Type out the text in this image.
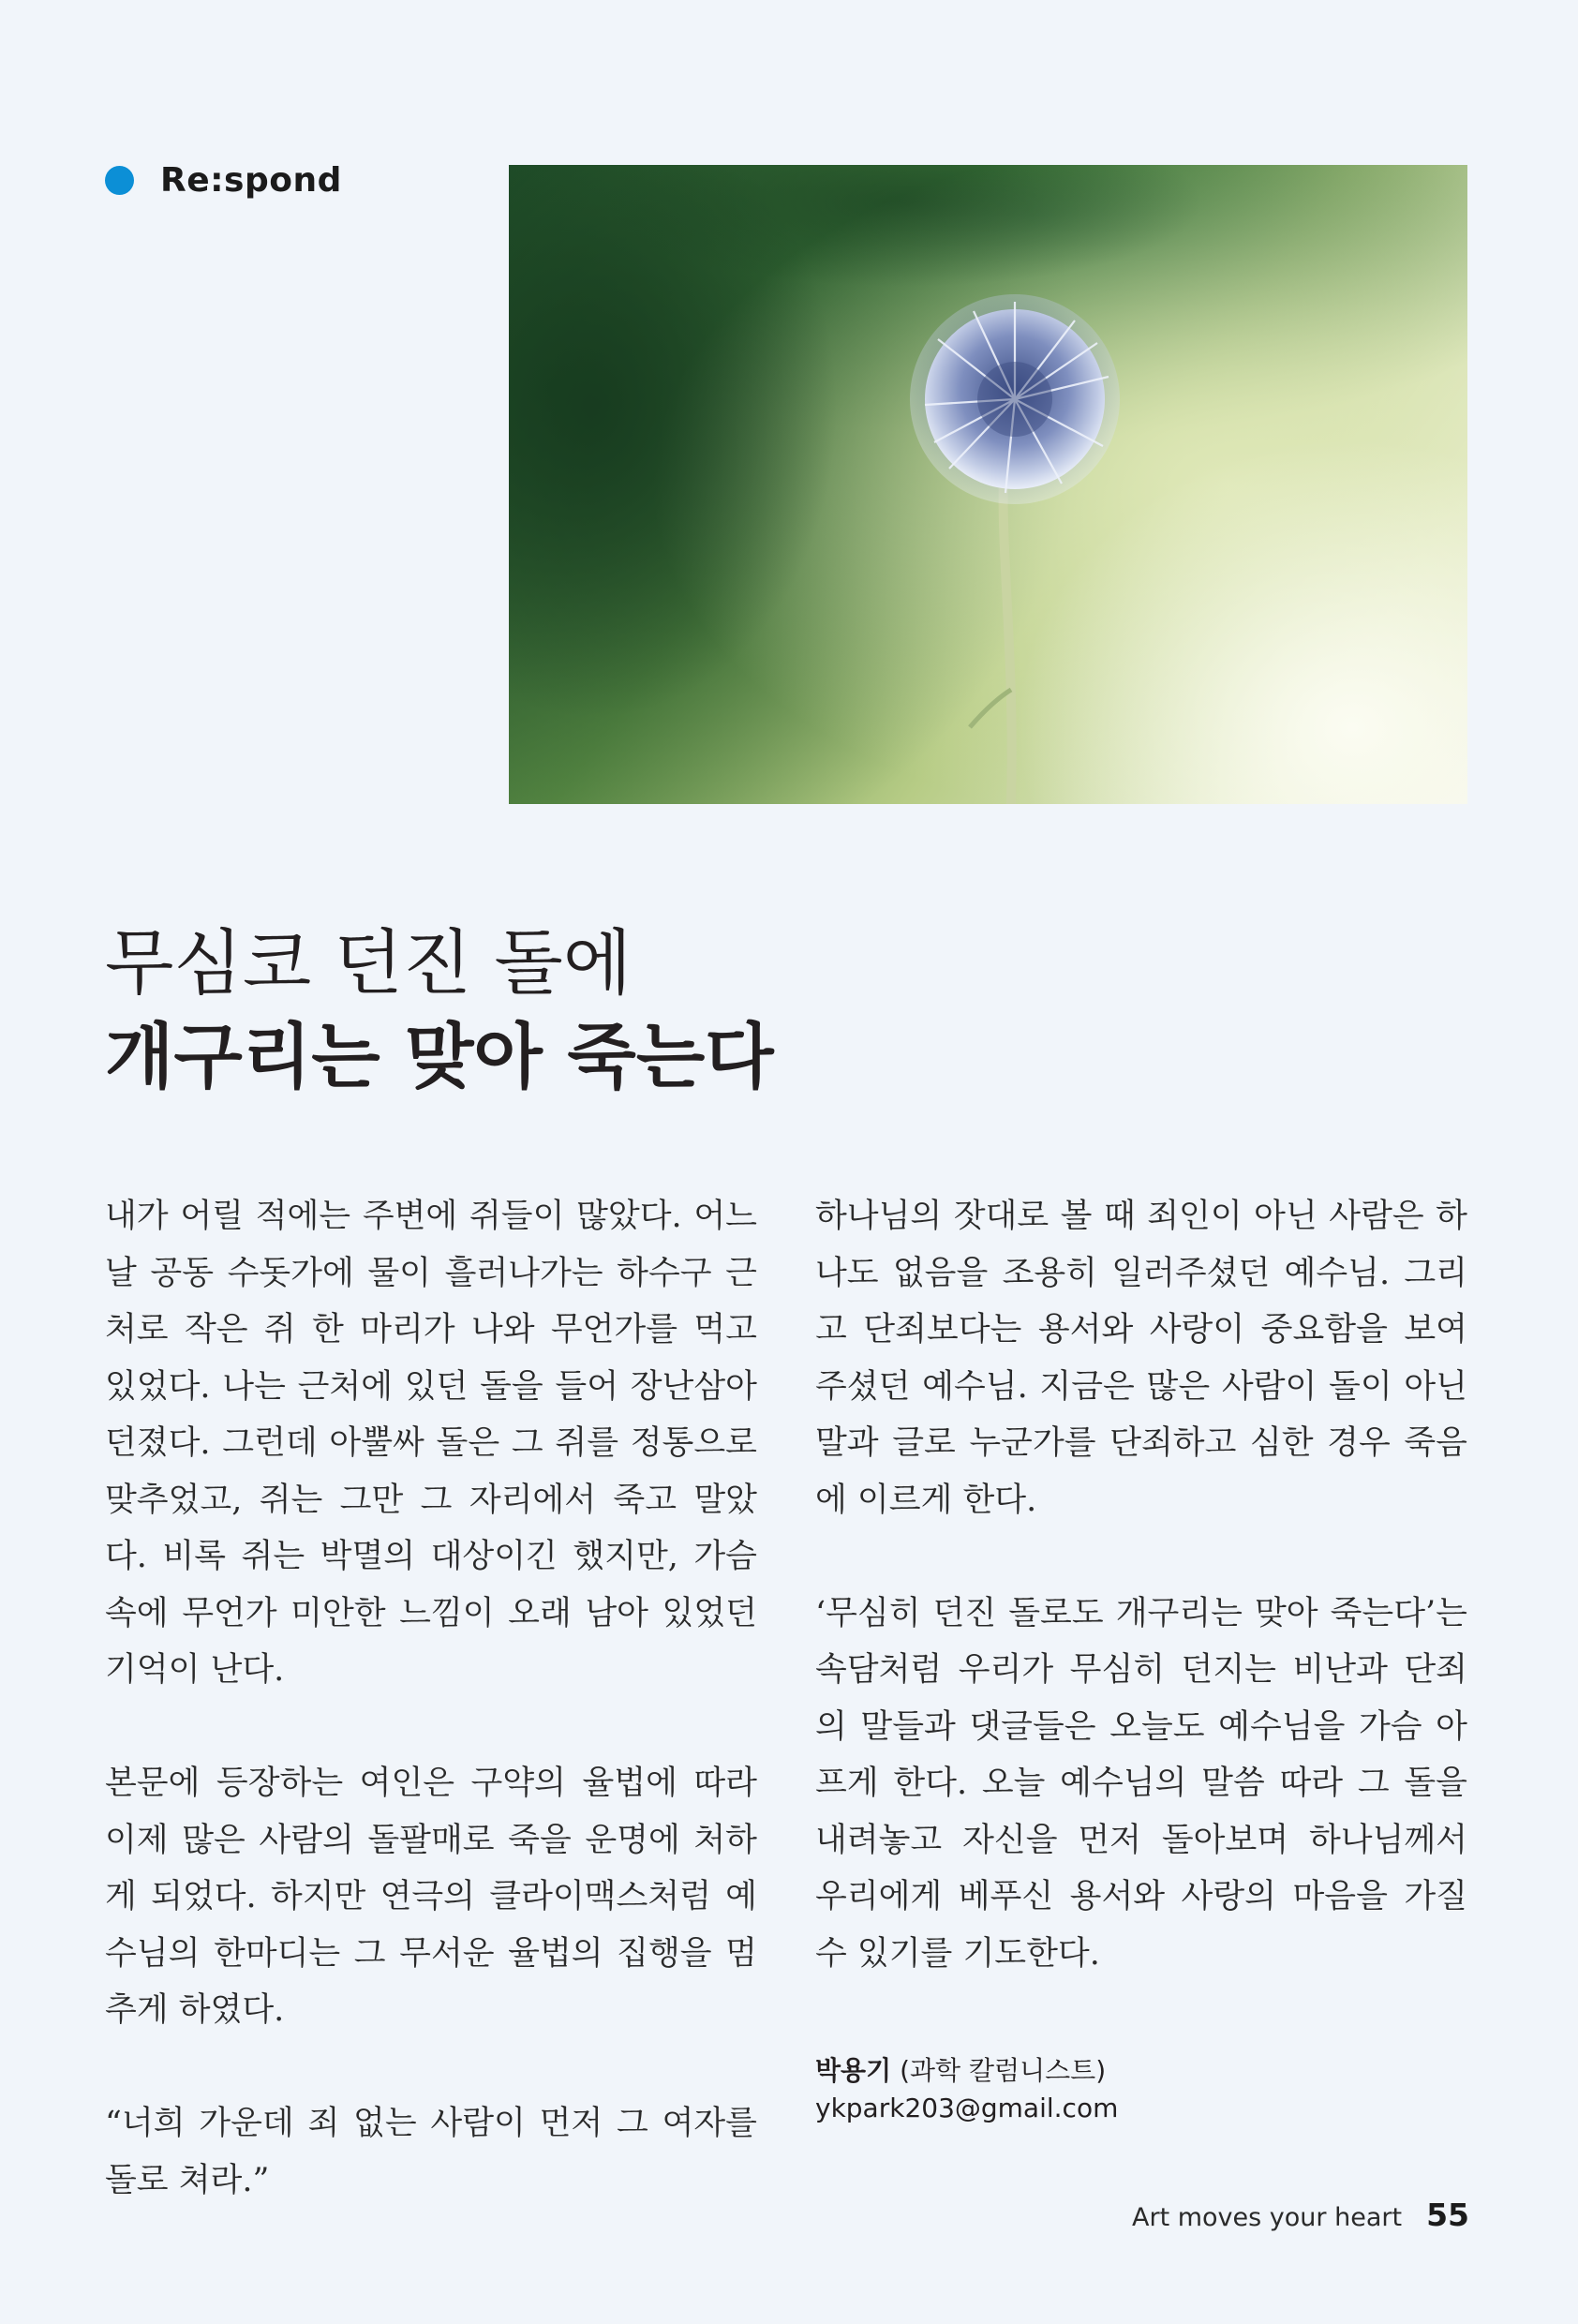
Re:spond
무심코 던진 돌에
개구리는 맞아 죽는다

내가 어릴 적에는 주변에 쥐들이 많았다. 어느 날 공동 수돗가에 물이 흘러나가는 하수구 근처로 작은 쥐 한 마리가 나와 무언가를 먹고 있었다. 나는 근처에 있던 돌을 들어 장난삼아 던졌다. 그런데 아뿔싸 돌은 그 쥐를 정통으로 맞추었고, 쥐는 그만 그 자리에서 죽고 말았다. 비록 쥐는 박멸의 대상이긴 했지만, 가슴속에 무언가 미안한 느낌이 오래 남아 있었던 기억이 난다.

본문에 등장하는 여인은 구약의 율법에 따라 이제 많은 사람의 돌팔매로 죽을 운명에 처하게 되었다. 하지만 연극의 클라이맥스처럼 예수님의 한마디는 그 무서운 율법의 집행을 멈추게 하였다.

“너희 가운데 죄 없는 사람이 먼저 그 여자를 돌로 쳐라.”

하나님의 잣대로 볼 때 죄인이 아닌 사람은 하나도 없음을 조용히 일러주셨던 예수님. 그리고 단죄보다는 용서와 사랑이 중요함을 보여주셨던 예수님. 지금은 많은 사람이 돌이 아닌 말과 글로 누군가를 단죄하고 심한 경우 죽음에 이르게 한다.

‘무심히 던진 돌로도 개구리는 맞아 죽는다’는 속담처럼 우리가 무심히 던지는 비난과 단죄의 말들과 댓글들은 오늘도 예수님을 가슴 아프게 한다. 오늘 예수님의 말씀 따라 그 돌을 내려놓고 자신을 먼저 돌아보며 하나님께서 우리에게 베푸신 용서와 사랑의 마음을 가질 수 있기를 기도한다.

박용기 (과학 칼럼니스트)
ykpark203@gmail.com
Art moves your heart 55
